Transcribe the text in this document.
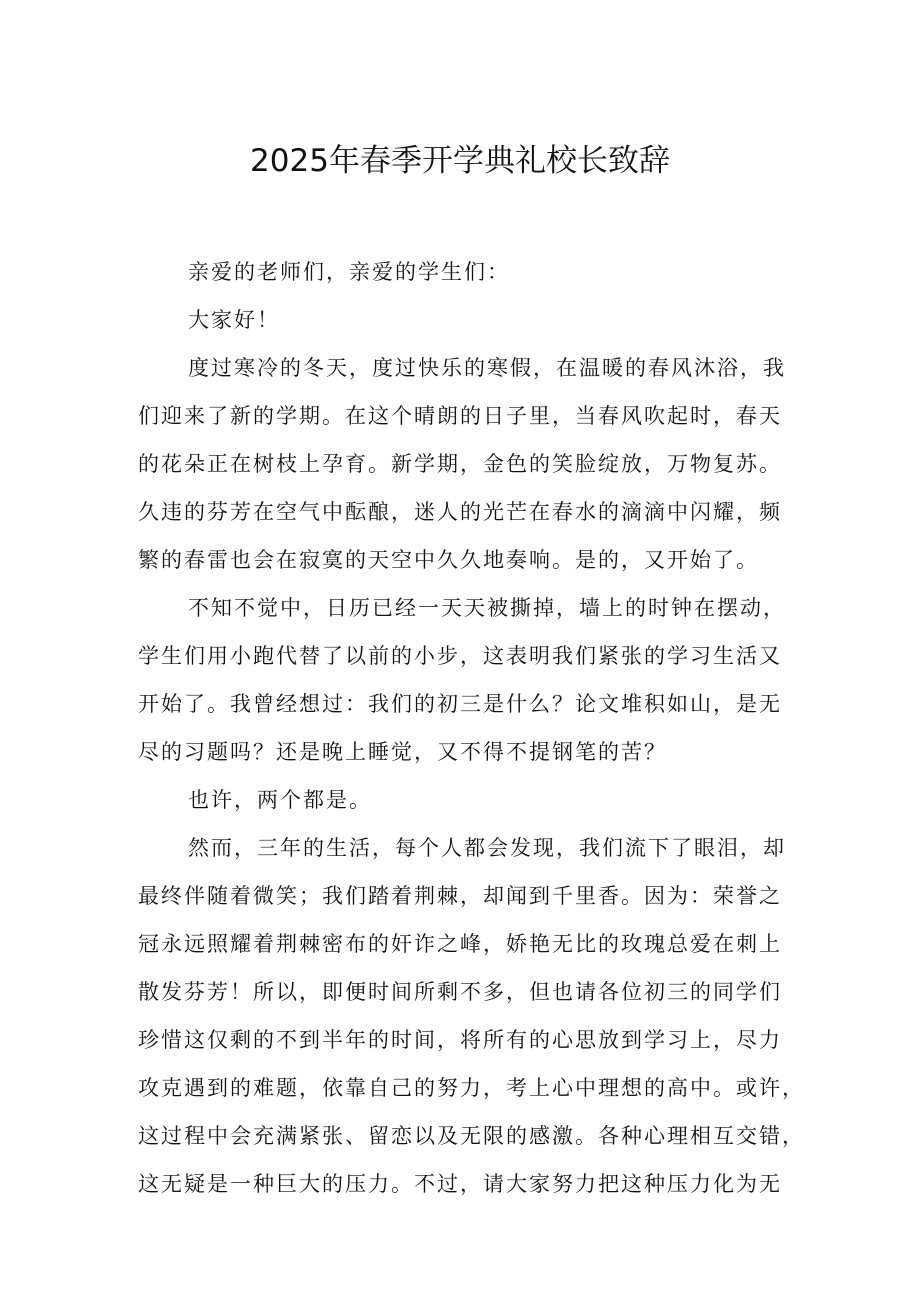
2025年春季开学典礼校长致辞
亲爱的老师们，亲爱的学生们：
大家好！
度过寒冷的冬天，度过快乐的寒假，在温暖的春风沐浴，我
们迎来了新的学期。在这个晴朗的日子里，当春风吹起时，春天
的花朵正在树枝上孕育。新学期，金色的笑脸绽放，万物复苏。
久违的芬芳在空气中酝酿，迷人的光芒在春水的滴滴中闪耀，频
繁的春雷也会在寂寞的天空中久久地奏响。是的，又开始了。
不知不觉中，日历已经一天天被撕掉，墙上的时钟在摆动，
学生们用小跑代替了以前的小步，这表明我们紧张的学习生活又
开始了。我曾经想过：我们的初三是什么？论文堆积如山，是无
尽的习题吗？还是晚上睡觉，又不得不提钢笔的苦？
也许，两个都是。
然而，三年的生活，每个人都会发现，我们流下了眼泪，却
最终伴随着微笑；我们踏着荆棘，却闻到千里香。因为：荣誉之
冠永远照耀着荆棘密布的奸诈之峰，娇艳无比的玫瑰总爱在刺上
散发芬芳！所以，即便时间所剩不多，但也请各位初三的同学们
珍惜这仅剩的不到半年的时间，将所有的心思放到学习上，尽力
攻克遇到的难题，依靠自己的努力，考上心中理想的高中。或许，
这过程中会充满紧张、留恋以及无限的感激。各种心理相互交错，
这无疑是一种巨大的压力。不过，请大家努力把这种压力化为无
